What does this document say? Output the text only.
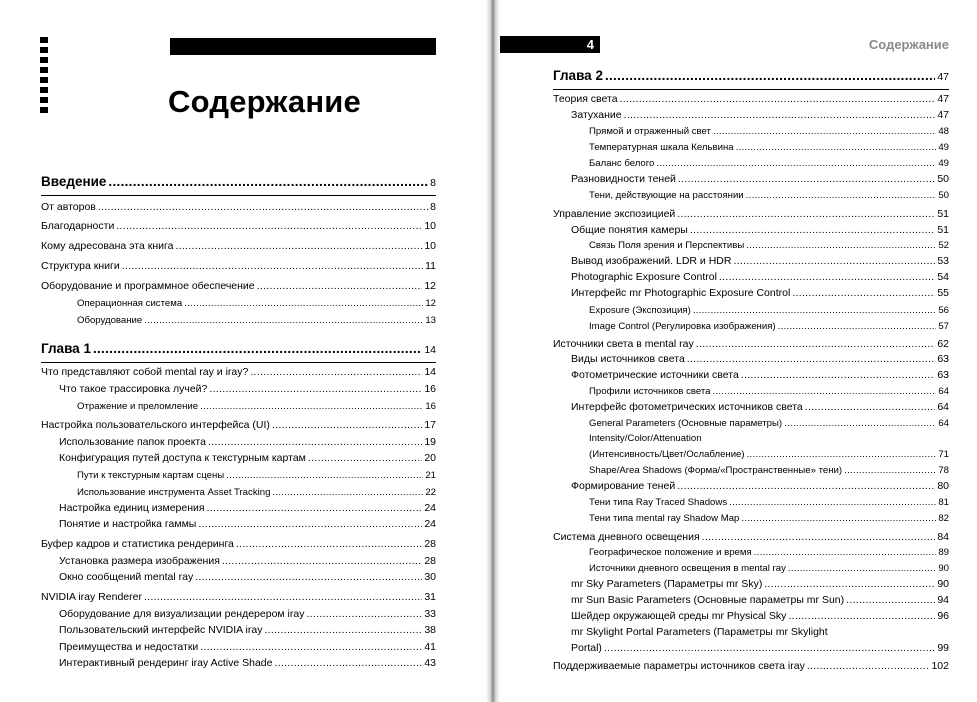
Содержание
Введение .....	8
От авторов .....	8
Благодарности .....	10
Кому адресована эта книга .....	10
Структура книги .....	11
Оборудование и программное обеспечение .....	12
Операционная система .....	12
Оборудование .....	13
Глава 1 .....	14
Что представляют собой mental ray и iray? .....	14
Что такое трассировка лучей? .....	16
Отражение и преломление .....	16
Настройка пользовательского интерфейса (UI) .....	17
Использование папок проекта .....	19
Конфигурация путей доступа к текстурным картам .....	20
Пути к текстурным картам сцены .....	21
Использование инструмента Asset Tracking .....	22
Настройка единиц измерения .....	24
Понятие и настройка гаммы .....	24
Буфер кадров и статистика рендеринга .....	28
Установка размера изображения .....	28
Окно сообщений mental ray .....	30
NVIDIA iray Renderer .....	31
Оборудование для визуализации рендерером iray .....	33
Пользовательский интерфейс NVIDIA iray .....	38
Преимущества и недостатки .....	41
Интерактивный рендеринг iray Active Shade .....	43
4	Содержание
Глава 2 .....	47
Теория света .....	47
Затухание .....	47
Прямой и отраженный свет .....	48
Температурная шкала Кельвина .....	49
Баланс белого .....	49
Разновидности теней .....	50
Тени, действующие на расстоянии .....	50
Управление экспозицией .....	51
Общие понятия камеры .....	51
Связь Поля зрения и Перспективы .....	52
Вывод изображений. LDR и HDR .....	53
Photographic Exposure Control .....	54
Интерфейс mr Photographic Exposure Control .....	55
Exposure (Экспозиция) .....	56
Image Control (Регулировка изображения) .....	57
Источники света в mental ray .....	62
Виды источников света .....	63
Фотометрические источники света .....	63
Профили источников света .....	64
Интерфейс фотометрических источников света .....	64
General Parameters (Основные параметры) .....	64
Intensity/Color/Attenuation
(Интенсивность/Цвет/Ослабление) .....	71
Shape/Area Shadows (Форма/«Пространственные» тени) .....	78
Формирование теней .....	80
Тени типа Ray Traced Shadows .....	81
Тени типа mental ray Shadow Map .....	82
Система дневного освещения .....	84
Географическое положение и время .....	89
Источники дневного освещения в mental ray .....	90
mr Sky Parameters (Параметры mr Sky) .....	90
mr Sun Basic Parameters (Основные параметры mr Sun) .....	94
Шейдер окружающей среды mr Physical Sky .....	96
mr Skylight Portal Parameters (Параметры mr Skylight
Portal) .....	99
Поддерживаемые параметры источников света iray .....	102
